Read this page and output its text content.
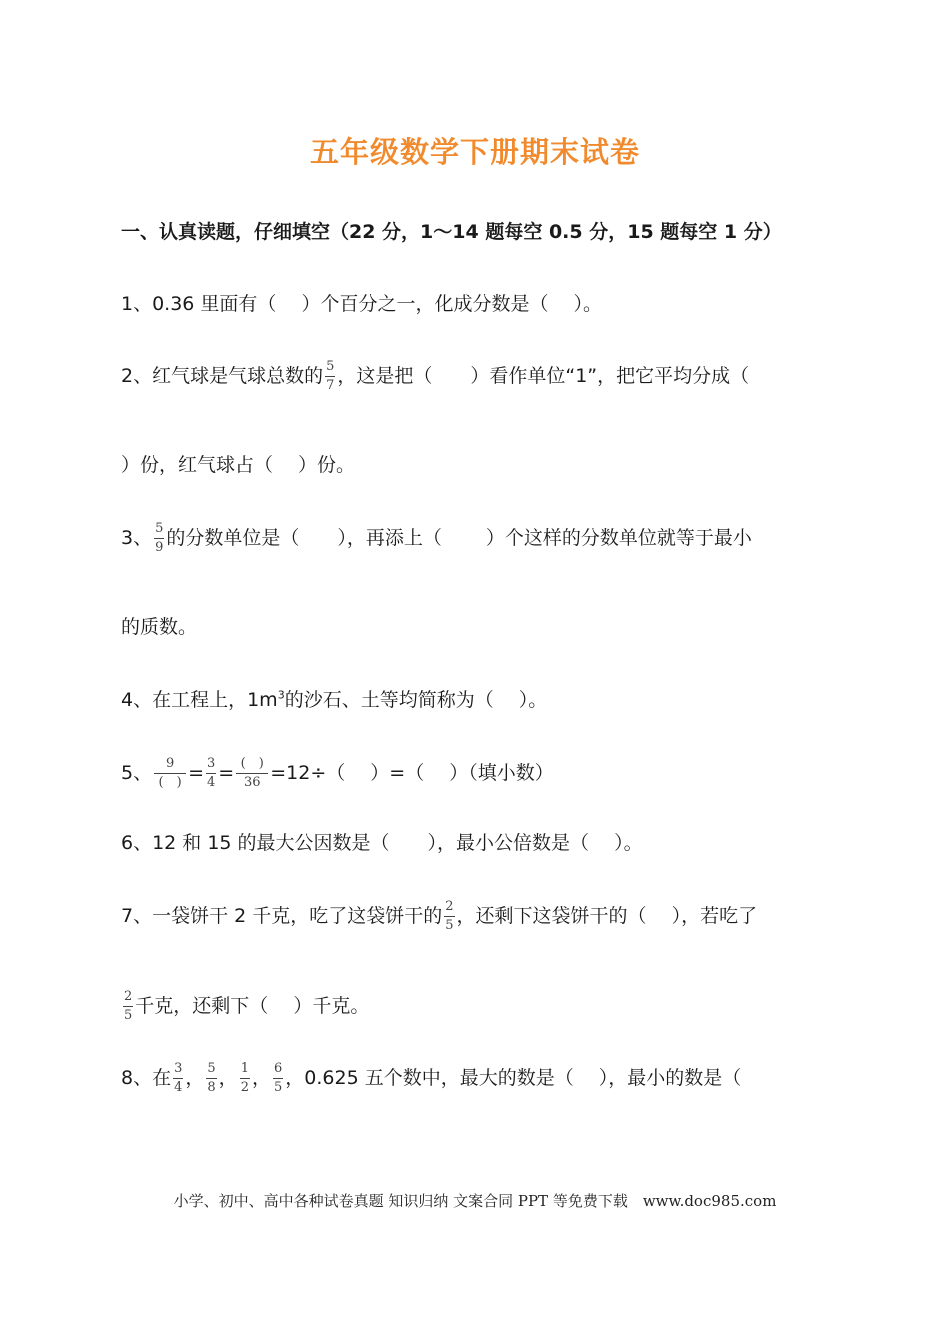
五年级数学下册期末试卷
一、认真读题，仔细填空（22 分，1～14 题每空 0.5 分，15 题每空 1 分）
1、0.36 里面有（　 ）个百分之一，化成分数是（　 ）。
2、红气球是气球总数的 $\frac{5}{7}$ ，这是把（　　）看作单位“1”，把它平均分成（
）份，红气球占（　 ）份。
3、 $\frac{5}{9}$ 的分数单位是（　　），再添上（　　 ）个这样的分数单位就等于最小
的质数。
4、在工程上，$1m^3$的沙石、土等均简称为（　 ）。
5、	9
(　) = $\frac{3}{4}$ = (　)
36 =12÷（　 ）=（　 ）（填小数）
6、12 和 15 的最大公因数是（　　），最小公倍数是（　 ）。
7、一袋饼干 2 千克，吃了这袋饼干的 $\frac{2}{5}$ ，还剩下这袋饼干的（　 ），若吃了
$\frac{2}{5}$ 千克，还剩下（　 ）千克。
8、在 $\frac{3}{4}$ ， $\frac{5}{8}$ ， $\frac{1}{2}$ ， $\frac{6}{5}$ ，0.625 五个数中，最大的数是（　 ），最小的数是（
小学、初中、高中各种试卷真题 知识归纳 文案合同 PPT 等免费下载　www.doc985.com
